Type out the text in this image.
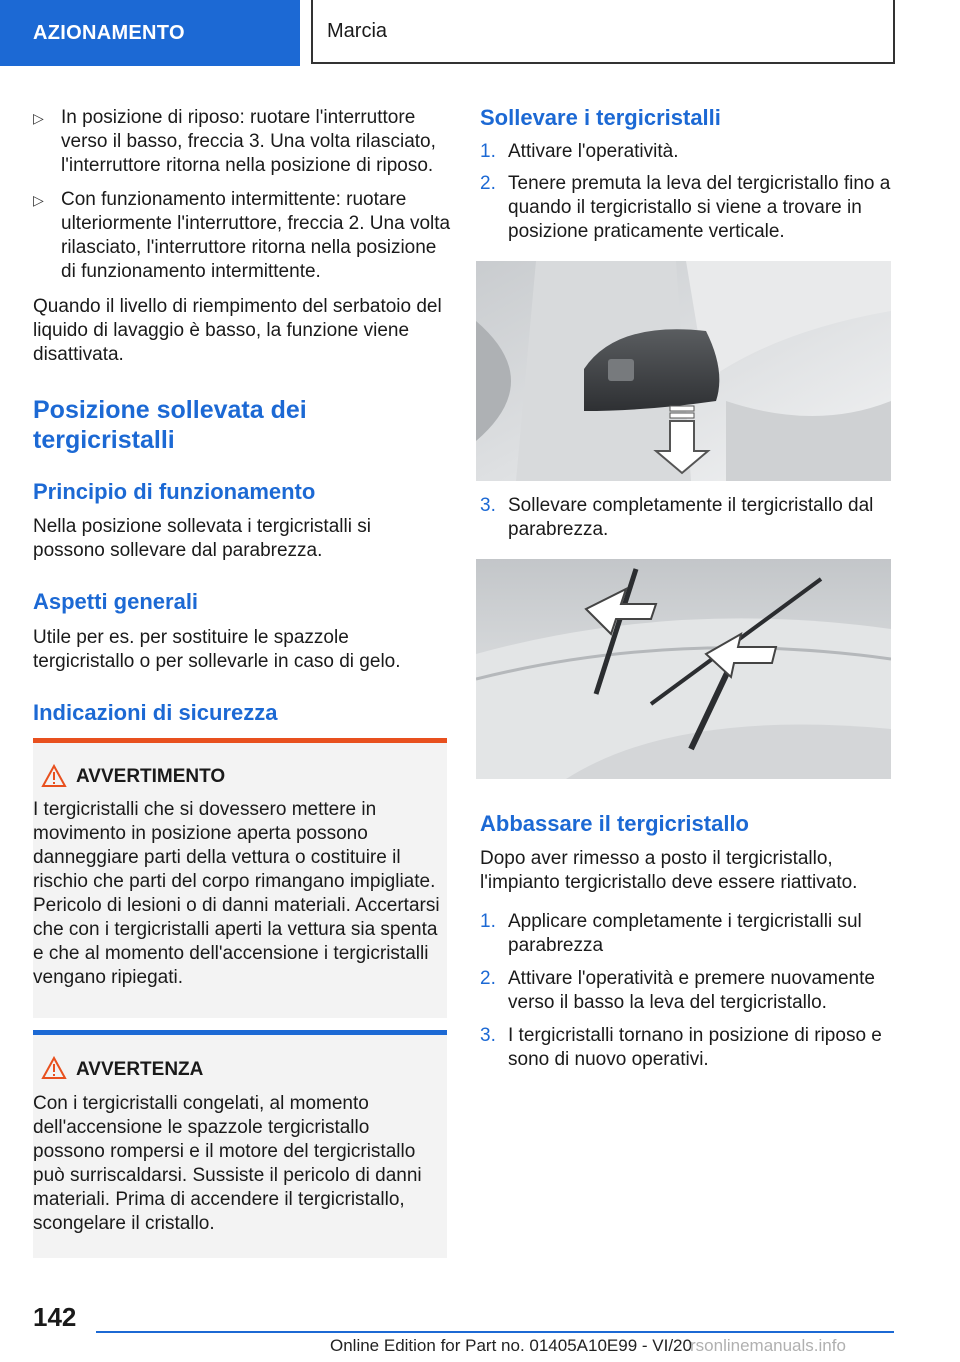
AZIONAMENTO	Marcia
▷ In posizione di riposo: ruotare l'interruttore verso il basso, freccia 3. Una volta rilasciato, l'interruttore ritorna nella posizione di riposo.

▷ Con funzionamento intermittente: ruotare ulteriormente l'interruttore, freccia 2. Una volta rilasciato, l'interruttore ritorna nella posizione di funzionamento intermittente.

Quando il livello di riempimento del serbatoio del liquido di lavaggio è basso, la funzione viene disattivata.

Posizione sollevata dei tergicristalli
Principio di funzionamento

Nella posizione sollevata i tergicristalli si possono sollevare dal parabrezza.

Aspetti generali

Utile per es. per sostituire le spazzole tergicristallo o per sollevarle in caso di gelo.

Indicazioni di sicurezza
AVVERTIMENTO

I tergicristalli che si dovessero mettere in movimento in posizione aperta possono danneggiare parti della vettura o costituire il rischio che parti del corpo rimangano impigliate. Pericolo di lesioni o di danni materiali. Accertarsi che con i tergicristalli aperti la vettura sia spenta e che al momento dell'accensione i tergicristalli vengano ripiegati.

AVVERTENZA

Con i tergicristalli congelati, al momento dell'accensione le spazzole tergicristallo possono rompersi e il motore del tergicristallo può surriscaldarsi. Sussiste il pericolo di danni materiali. Prima di accendere il tergicristallo, scongelare il cristallo.

Sollevare i tergicristalli
1. Attivare l'operatività.

2. Tenere premuta la leva del tergicristallo fino a quando il tergicristallo si viene a trovare in posizione praticamente verticale.

3. Sollevare completamente il tergicristallo dal parabrezza.

Abbassare il tergicristallo

Dopo aver rimesso a posto il tergicristallo, l'impianto tergicristallo deve essere riattivato.

1. Applicare completamente i tergicristalli sul parabrezza

2. Attivare l'operatività e premere nuovamente verso il basso la leva del tergicristallo.

3. I tergicristalli tornano in posizione di riposo e sono di nuovo operativi.

142
Online Edition for Part no. 01405A10E99 - VI/20
rsonlinemanuals.info
